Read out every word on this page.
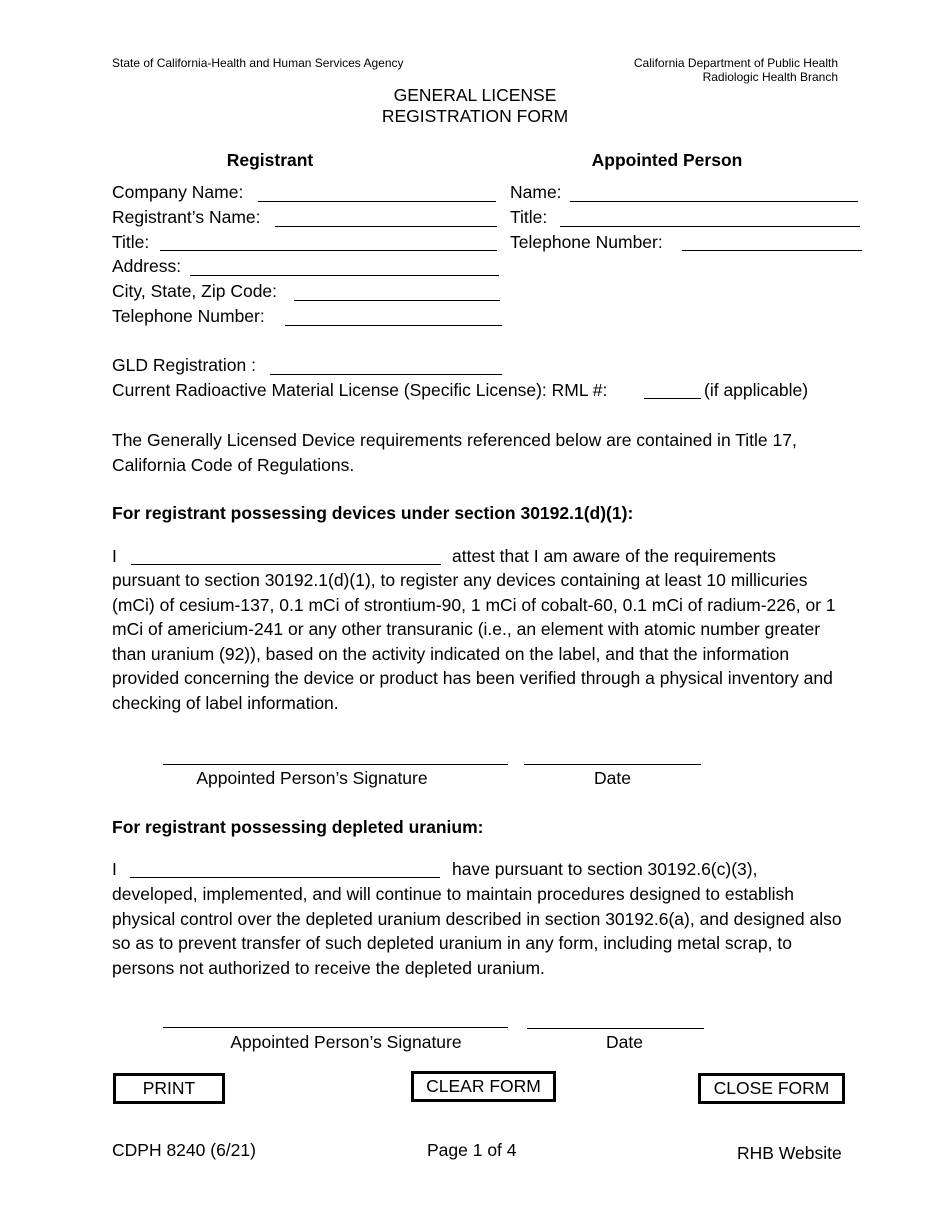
State of California-Health and Human Services Agency	California Department of Public Health
Radiologic Health Branch
GENERAL LICENSE
REGISTRATION FORM
Registrant	Appointed Person
Company Name:
Registrant’s Name:
Title:
Address:
City, State, Zip Code:
Telephone Number:
Name:
Title:
Telephone Number:
GLD Registration :
Current Radioactive Material License (Specific License): RML #:	(if applicable)
The Generally Licensed Device requirements referenced below are contained in Title 17, California Code of Regulations.
For registrant possessing devices under section 30192.1(d)(1):
I	attest that I am aware of the requirements
pursuant to section 30192.1(d)(1), to register any devices containing at least 10 millicuries (mCi) of cesium-137, 0.1 mCi of strontium-90, 1 mCi of cobalt-60, 0.1 mCi of radium-226, or 1 mCi of americium-241 or any other transuranic (i.e., an element with atomic number greater than uranium (92)), based on the activity indicated on the label, and that the information provided concerning the device or product has been verified through a physical inventory and checking of label information.
Appointed Person’s Signature	Date
For registrant possessing depleted uranium:
I	have pursuant to section 30192.6(c)(3),
developed, implemented, and will continue to maintain procedures designed to establish physical control over the depleted uranium described in section 30192.6(a), and designed also so as to prevent transfer of such depleted uranium in any form, including metal scrap, to persons not authorized to receive the depleted uranium.
Appointed Person’s Signature	Date
PRINT	CLEAR FORM	CLOSE FORM
CDPH 8240 (6/21)	Page 1 of 4	RHB Website
